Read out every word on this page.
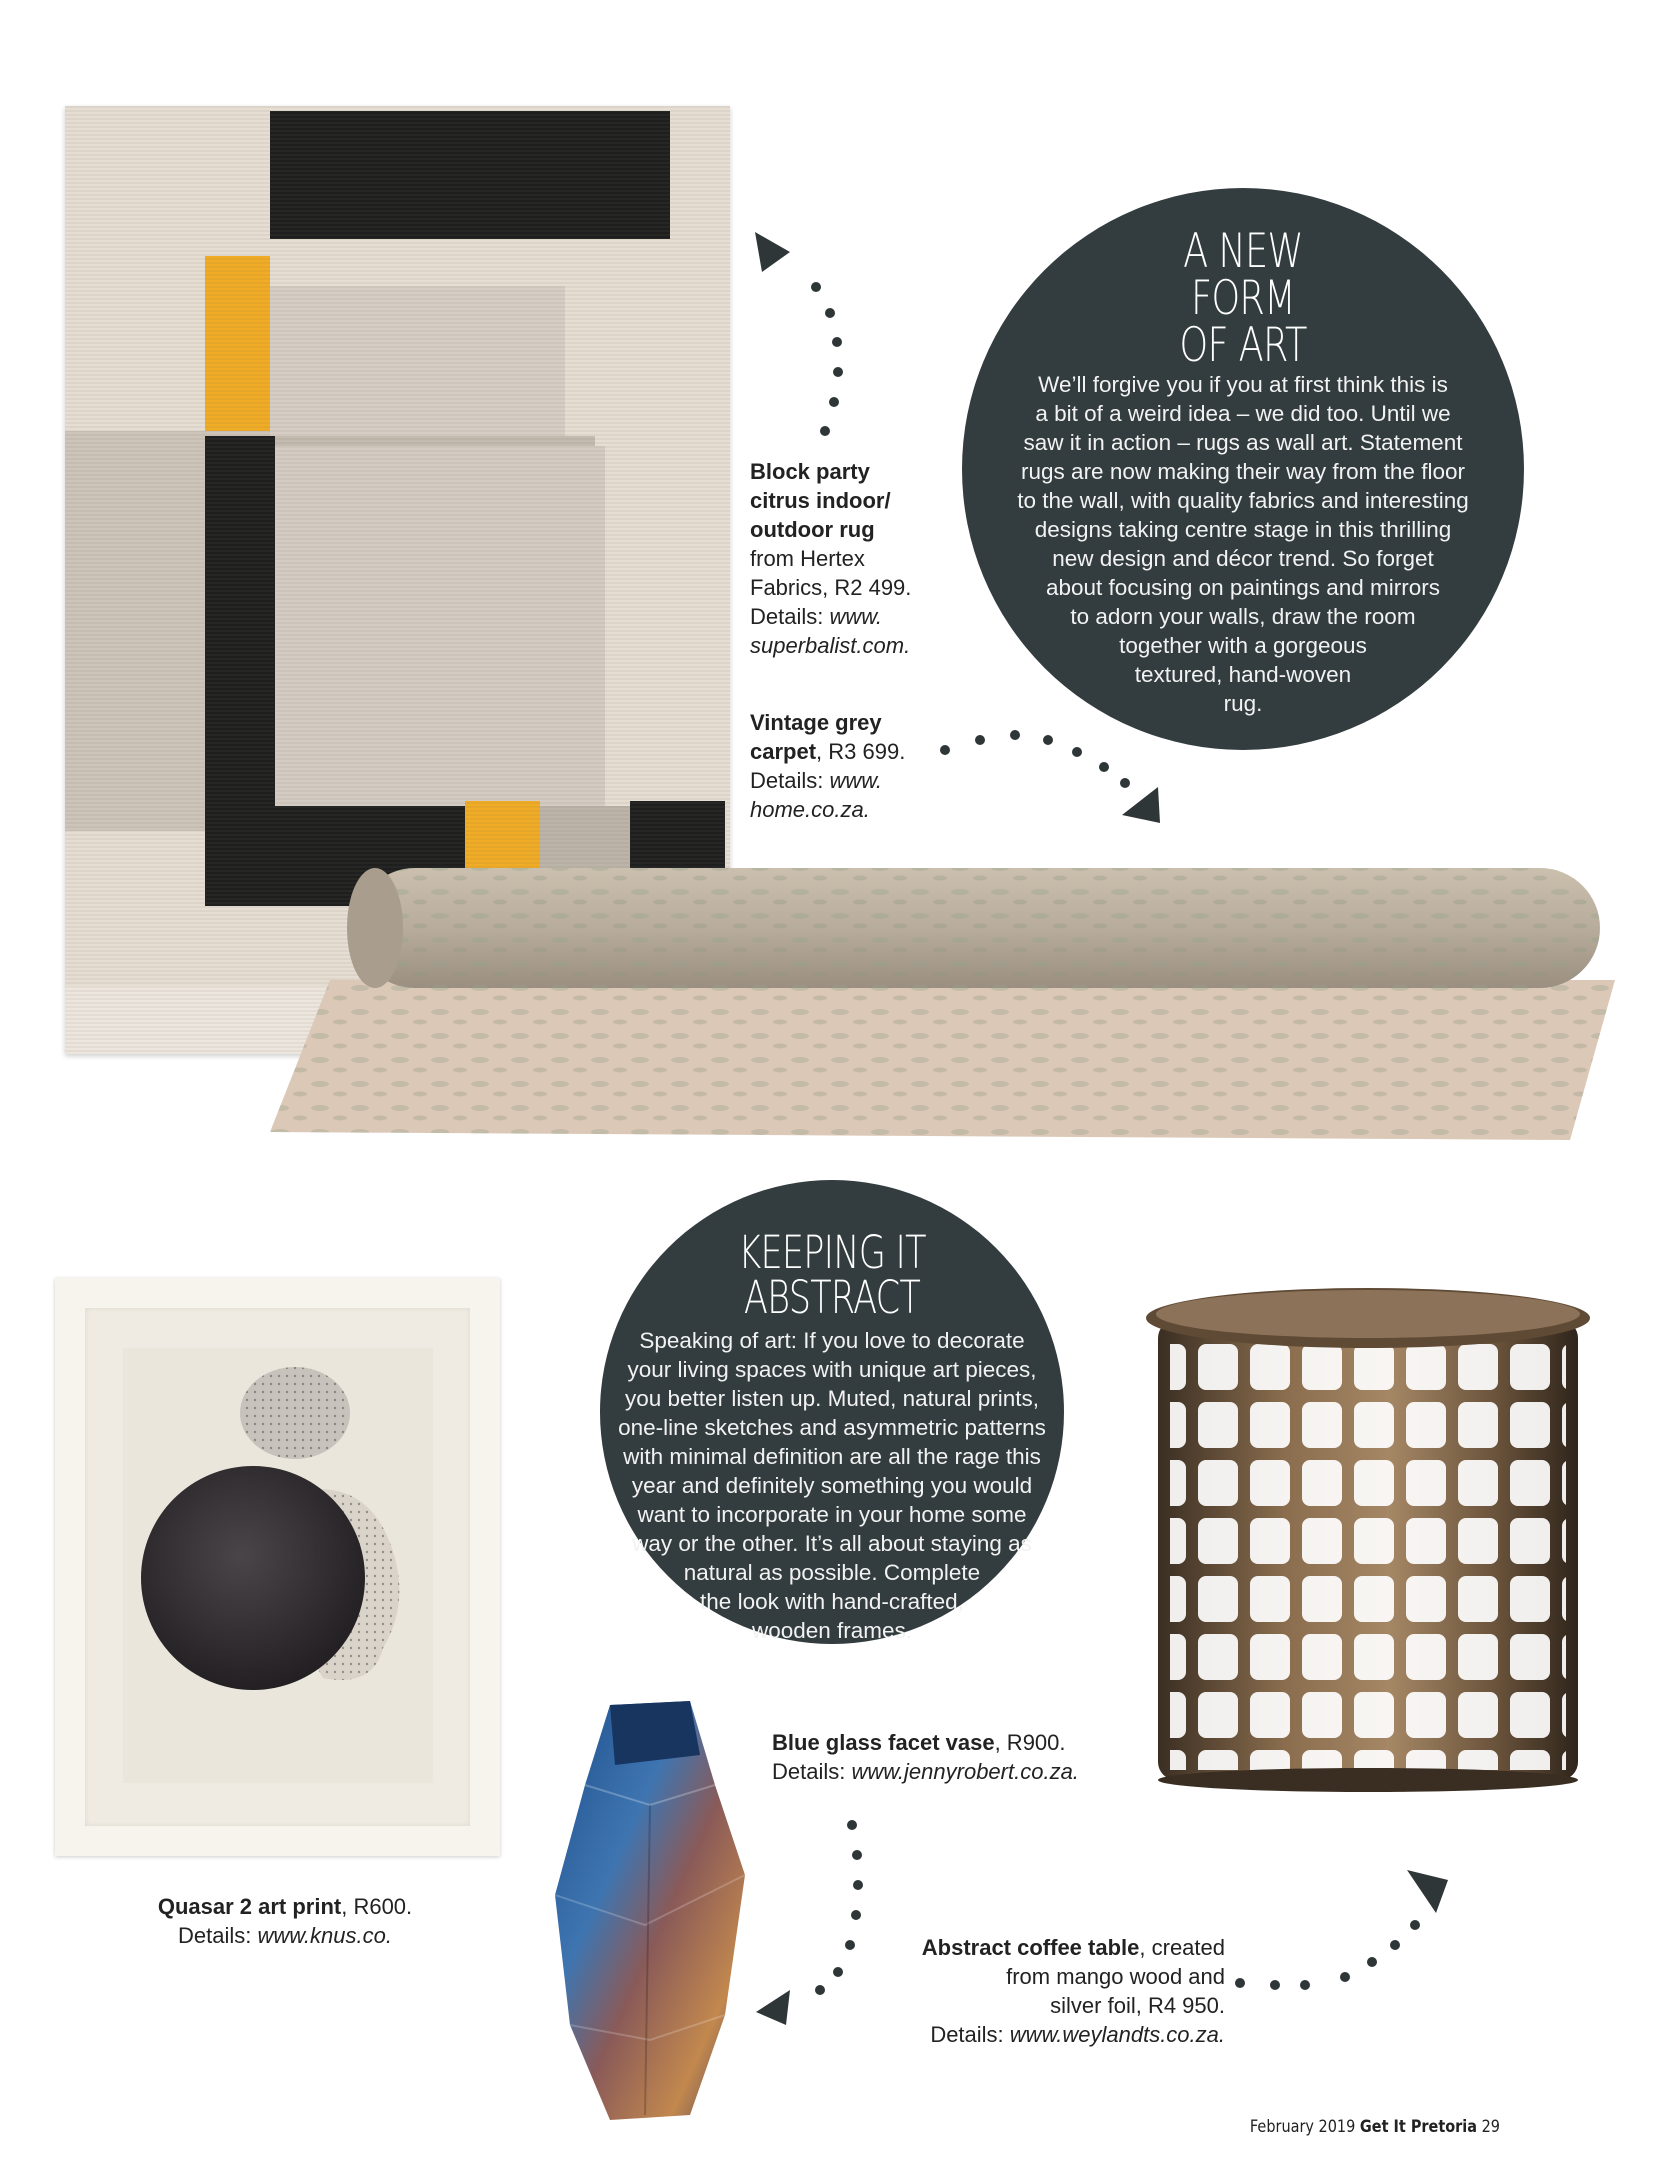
A NEW
FORM
OF ART
We’ll forgive you if you at first think this is
a bit of a weird idea – we did too. Until we
saw it in action – rugs as wall art. Statement
rugs are now making their way from the floor
to the wall, with quality fabrics and interesting
designs taking centre stage in this thrilling
new design and décor trend. So forget
about focusing on paintings and mirrors
to adorn your walls, draw the room
together with a gorgeous
textured, hand-woven
rug.
Block party
citrus indoor/
outdoor rug
from Hertex
Fabrics, R2 499.
Details: www.
superbalist.com.
Vintage grey
carpet, R3 699.
Details: www.
home.co.za.
Quasar 2 art print, R600.
Details: www.knus.co.
KEEPING IT
ABSTRACT
Speaking of art: If you love to decorate
your living spaces with unique art pieces,
you better listen up. Muted, natural prints,
one-line sketches and asymmetric patterns
with minimal definition are all the rage this
year and definitely something you would
want to incorporate in your home some
way or the other. It’s all about staying as
natural as possible. Complete
the look with hand-crafted,
wooden frames.
Blue glass facet vase, R900.
Details: www.jennyrobert.co.za.
Abstract coffee table, created
from mango wood and
silver foil, R4 950.
Details: www.weylandts.co.za.
February 2019 Get It Pretoria 29
